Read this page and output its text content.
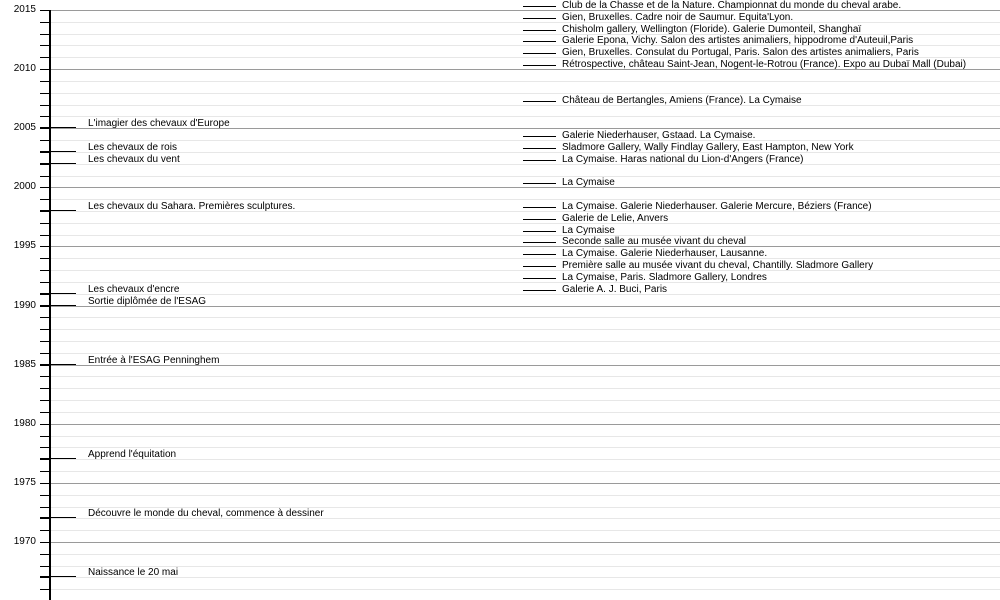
2015
2010
2005
2000
1995
1990
1985
1980
1975
1970
L'imagier des chevaux d'Europe
Les chevaux de rois
Les chevaux du vent
Les chevaux du Sahara. Premières sculptures.
Les chevaux d'encre
Sortie diplômée de l'ESAG
Entrée à l'ESAG Penninghem
Apprend l'équitation
Découvre le monde du cheval, commence à dessiner
Naissance le 20 mai
Club de la Chasse et de la Nature. Championnat du monde du cheval arabe.
Gien, Bruxelles. Cadre noir de Saumur. Equita'Lyon.
Chisholm gallery, Wellington (Floride). Galerie Dumonteil, Shanghaï
Galerie Epona, Vichy. Salon des artistes animaliers, hippodrome d'Auteuil,Paris
Gien, Bruxelles. Consulat du Portugal, Paris. Salon des artistes animaliers, Paris
Rétrospective, château Saint-Jean, Nogent-le-Rotrou (France). Expo au Dubaï Mall (Dubai)
Château de Bertangles, Amiens (France). La Cymaise
Galerie Niederhauser, Gstaad. La Cymaise.
Sladmore Gallery, Wally Findlay Gallery, East Hampton, New York
La Cymaise. Haras national du Lion-d'Angers (France)
La Cymaise
La Cymaise. Galerie Niederhauser. Galerie Mercure, Béziers (France)
Galerie de Lelie, Anvers
La Cymaise
Seconde salle au musée vivant du cheval
La Cymaise. Galerie Niederhauser, Lausanne.
Première salle au musée vivant du cheval, Chantilly. Sladmore Gallery
La Cymaise, Paris. Sladmore Gallery, Londres
Galerie A. J. Buci, Paris
